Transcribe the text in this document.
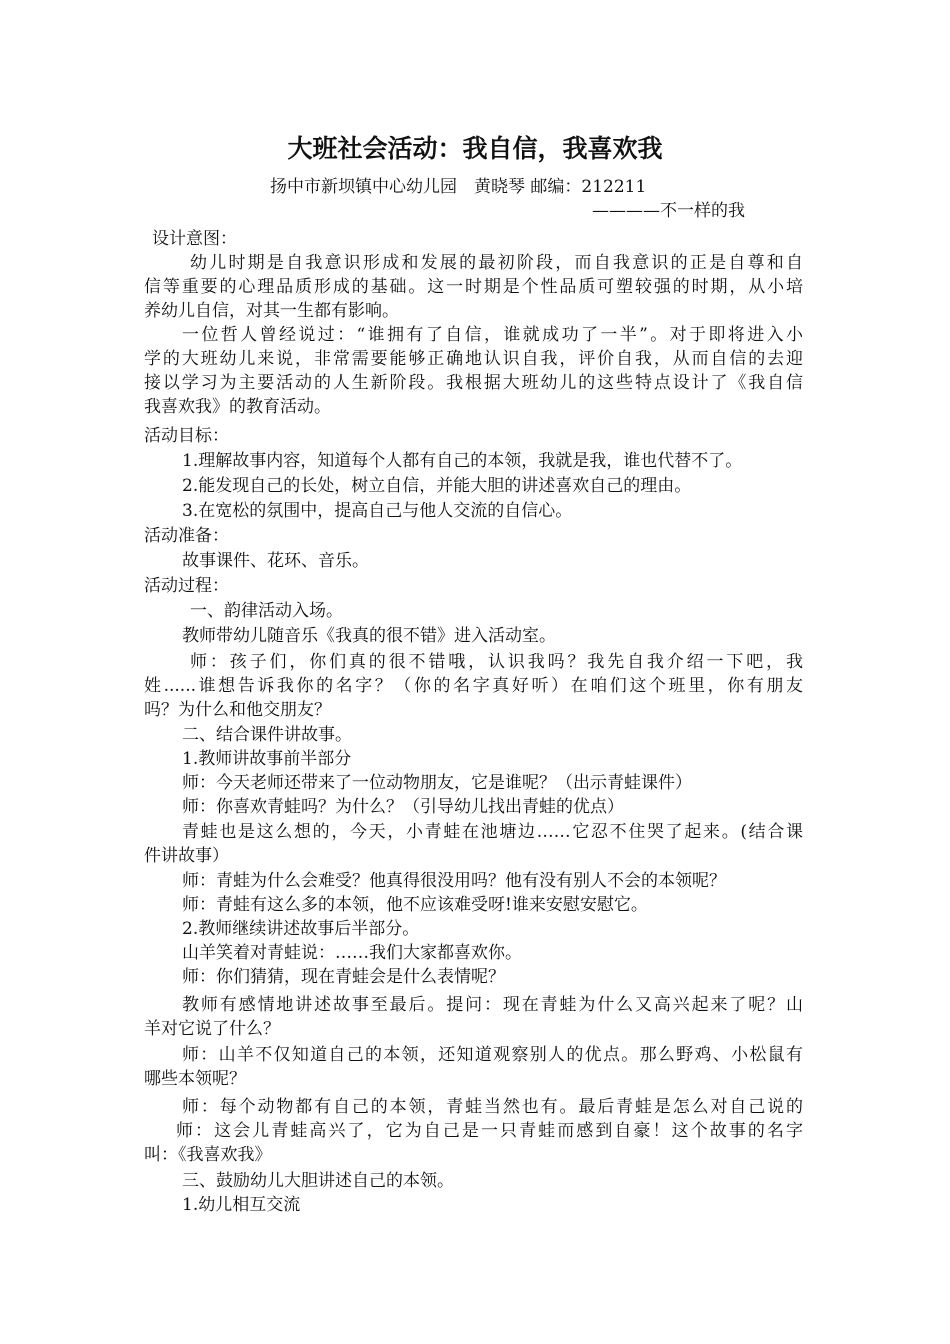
大班社会活动：我自信，我喜欢我
扬中市新坝镇中心幼儿园　黄晓琴 邮编：212211
————不一样的我
设计意图：
幼儿时期是自我意识形成和发展的最初阶段，而自我意识的正是自尊和自
信等重要的心理品质形成的基础。这一时期是个性品质可塑较强的时期，从小培
养幼儿自信，对其一生都有影响。
一位哲人曾经说过：“谁拥有了自信，谁就成功了一半”。对于即将进入小
学的大班幼儿来说，非常需要能够正确地认识自我，评价自我，从而自信的去迎
接以学习为主要活动的人生新阶段。我根据大班幼儿的这些特点设计了《我自信
我喜欢我》的教育活动。
活动目标：
1.理解故事内容，知道每个人都有自己的本领，我就是我，谁也代替不了。
2.能发现自己的长处，树立自信，并能大胆的讲述喜欢自己的理由。
3.在宽松的氛围中，提高自己与他人交流的自信心。
活动准备：
故事课件、花环、音乐。
活动过程：
一、韵律活动入场。
教师带幼儿随音乐《我真的很不错》进入活动室。
师：孩子们，你们真的很不错哦，认识我吗？我先自我介绍一下吧，我
姓......谁想告诉我你的名字？（你的名字真好听）在咱们这个班里，你有朋友
吗？为什么和他交朋友？
二、结合课件讲故事。
1.教师讲故事前半部分
师：今天老师还带来了一位动物朋友，它是谁呢？（出示青蛙课件）
师：你喜欢青蛙吗？为什么？（引导幼儿找出青蛙的优点）
青蛙也是这么想的，今天，小青蛙在池塘边……它忍不住哭了起来。(结合课
件讲故事）
师：青蛙为什么会难受？他真得很没用吗？他有没有别人不会的本领呢？
师：青蛙有这么多的本领，他不应该难受呀!谁来安慰安慰它。
2.教师继续讲述故事后半部分。
山羊笑着对青蛙说：……我们大家都喜欢你。
师：你们猜猜，现在青蛙会是什么表情呢？
教师有感情地讲述故事至最后。提问：现在青蛙为什么又高兴起来了呢？山
羊对它说了什么？
师：山羊不仅知道自己的本领，还知道观察别人的优点。那么野鸡、小松鼠有
哪些本领呢？
师：每个动物都有自己的本领，青蛙当然也有。最后青蛙是怎么对自己说的
师：这会儿青蛙高兴了，它为自己是一只青蛙而感到自豪！这个故事的名字
叫：《我喜欢我》
三、鼓励幼儿大胆讲述自己的本领。
1.幼儿相互交流
